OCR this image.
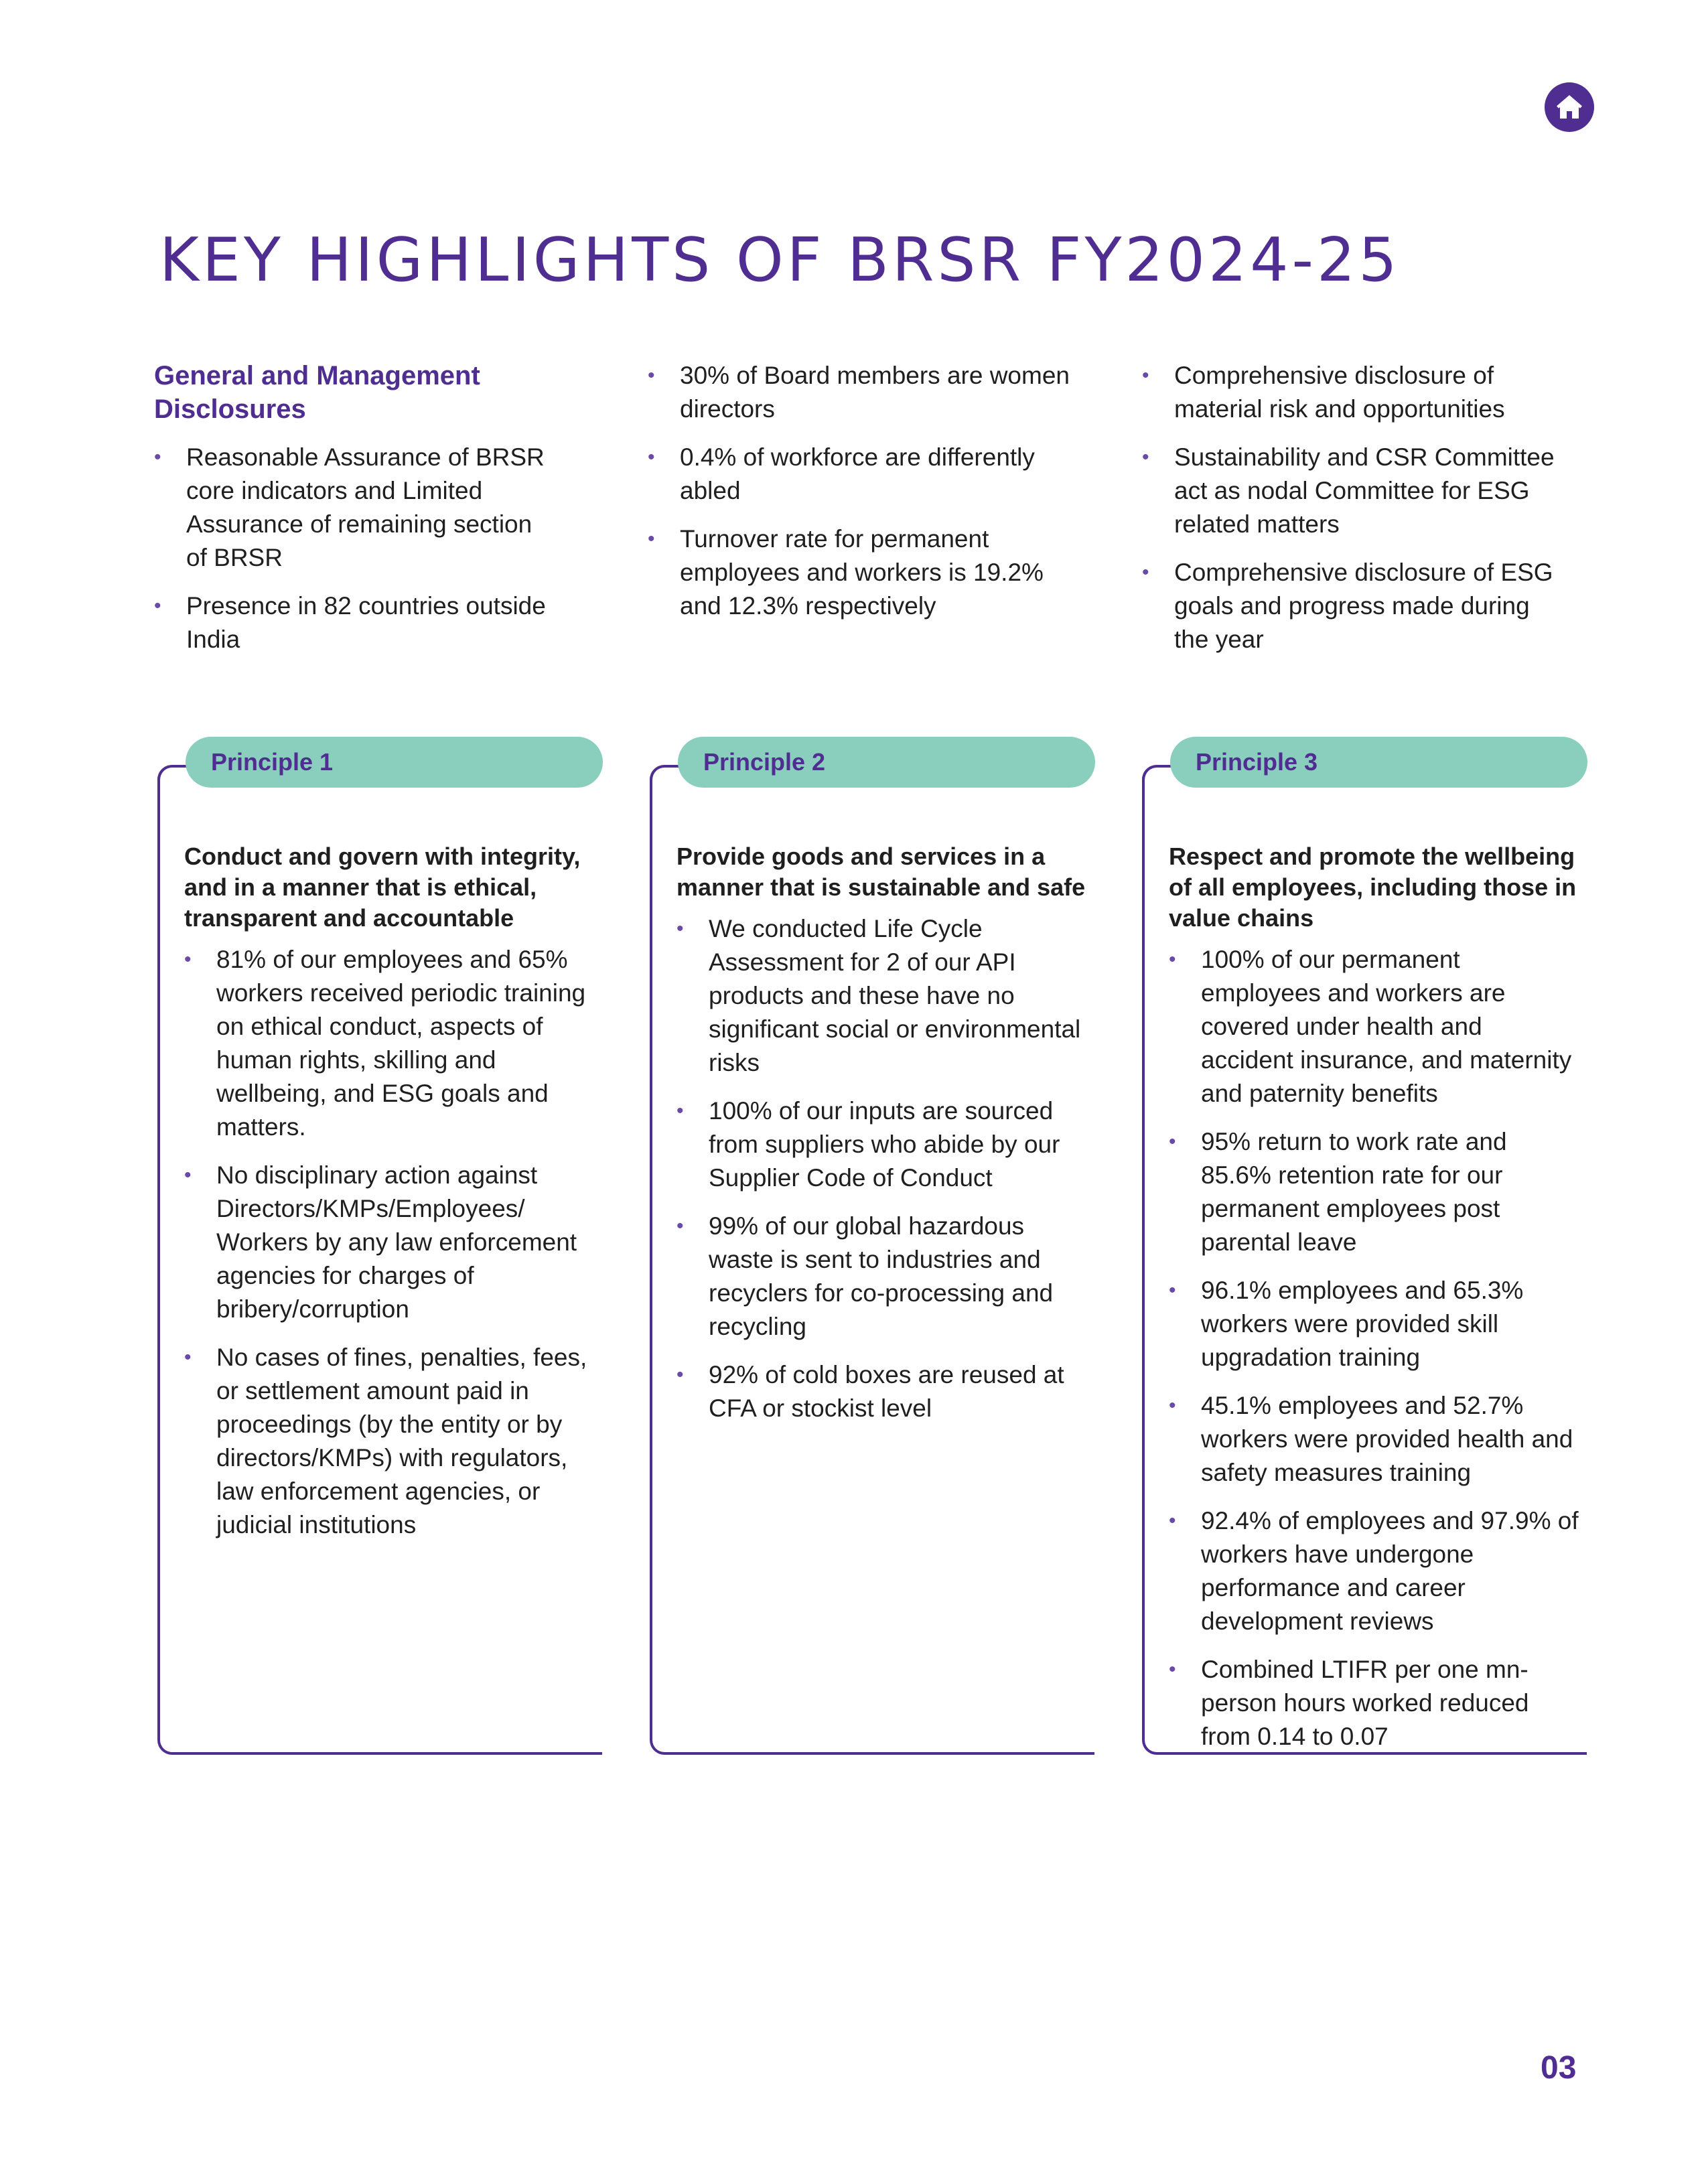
KEY HIGHLIGHTS OF BRSR FY2024-25
General and Management Disclosures
• Reasonable Assurance of BRSR core indicators and Limited Assurance of remaining section of BRSR
• Presence in 82 countries outside India
• 30% of Board members are women directors
• 0.4% of workforce are differently abled
• Turnover rate for permanent employees and workers is 19.2% and 12.3% respectively
• Comprehensive disclosure of material risk and opportunities
• Sustainability and CSR Committee act as nodal Committee for ESG related matters
• Comprehensive disclosure of ESG goals and progress made during the year
Principle 1
Conduct and govern with integrity, and in a manner that is ethical, transparent and accountable
• 81% of our employees and 65% workers received periodic training on ethical conduct, aspects of human rights, skilling and wellbeing, and ESG goals and matters.
• No disciplinary action against Directors/KMPs/Employees/ Workers by any law enforcement agencies for charges of bribery/corruption
• No cases of fines, penalties, fees, or settlement amount paid in proceedings (by the entity or by directors/KMPs) with regulators, law enforcement agencies, or judicial institutions
Principle 2
Provide goods and services in a manner that is sustainable and safe
• We conducted Life Cycle Assessment for 2 of our API products and these have no significant social or environmental risks
• 100% of our inputs are sourced from suppliers who abide by our Supplier Code of Conduct
• 99% of our global hazardous waste is sent to industries and recyclers for co-processing and recycling
• 92% of cold boxes are reused at CFA or stockist level
Principle 3
Respect and promote the wellbeing of all employees, including those in value chains
• 100% of our permanent employees and workers are covered under health and accident insurance, and maternity and paternity benefits
• 95% return to work rate and 85.6% retention rate for our permanent employees post parental leave
• 96.1% employees and 65.3% workers were provided skill upgradation training
• 45.1% employees and 52.7% workers were provided health and safety measures training
• 92.4% of employees and 97.9% of workers have undergone performance and career development reviews
• Combined LTIFR per one mn-person hours worked reduced from 0.14 to 0.07
03
